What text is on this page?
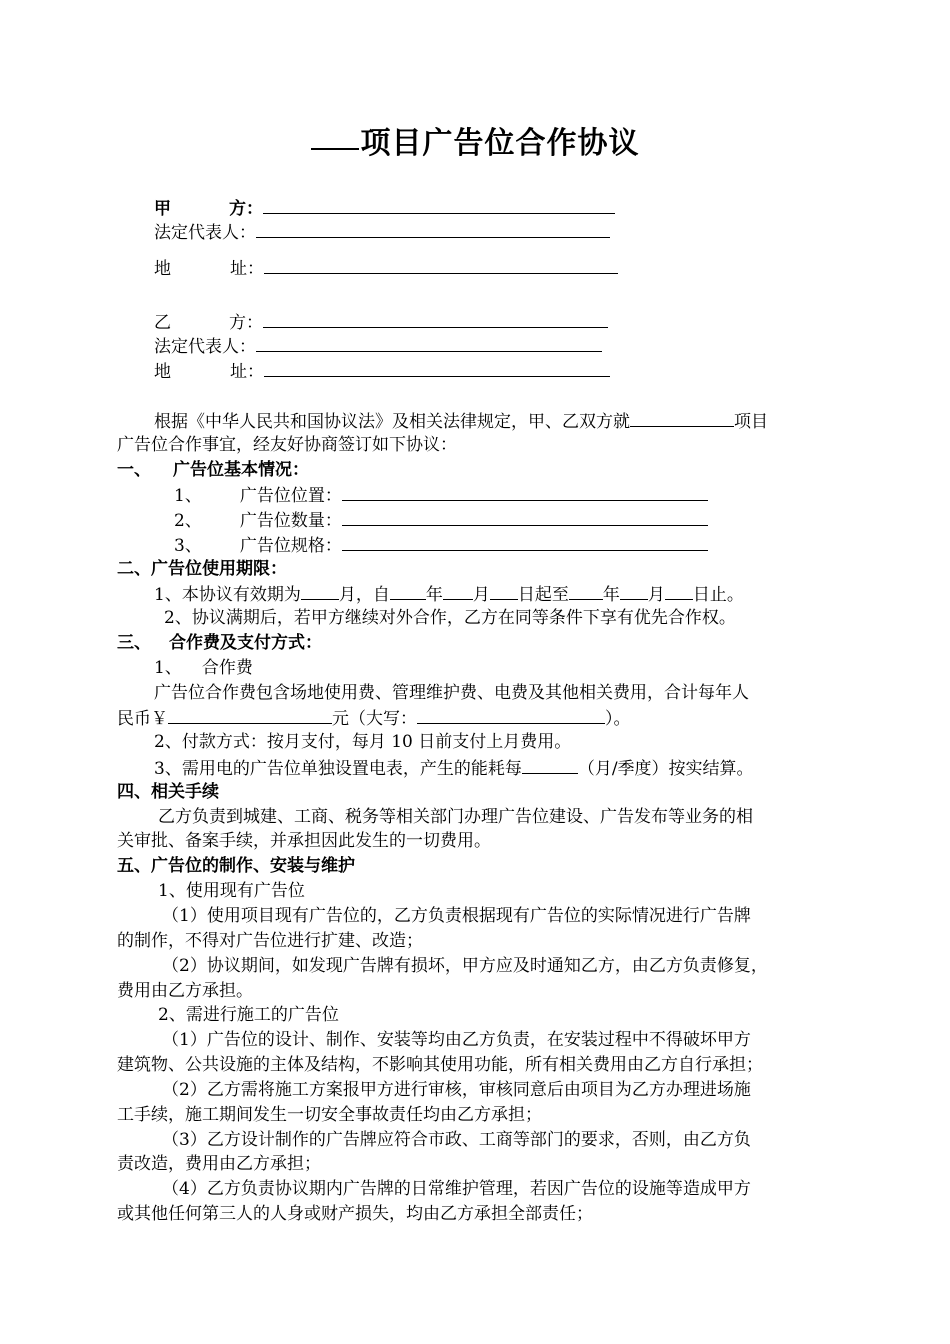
项目广告位合作协议
甲	方：
法定代表人：
地	址：
乙	方：
法定代表人：
地	址：
根据《中华人民共和国协议法》及相关法律规定，甲、乙双方就	项目
广告位合作事宜，经友好协商签订如下协议：
一、 广告位基本情况：
1、 广告位位置：
2、 广告位数量：
3、 广告位规格：
二、广告位使用期限：
1、本协议有效期为 月，自 年 月 日起至 年 月 日止。
2、协议满期后，若甲方继续对外合作，乙方在同等条件下享有优先合作权。
三、 合作费及支付方式：
1、 合作费
广告位合作费包含场地使用费、管理维护费、电费及其他相关费用，合计每年人
民币￥	元（大写：	）。
2、付款方式：按月支付，每月 10 日前支付上月费用。
3、需用电的广告位单独设置电表，产生的能耗每	（月/季度）按实结算。
四、相关手续
乙方负责到城建、工商、税务等相关部门办理广告位建设、广告发布等业务的相
关审批、备案手续，并承担因此发生的一切费用。
五、广告位的制作、安装与维护
1、使用现有广告位
（1）使用项目现有广告位的，乙方负责根据现有广告位的实际情况进行广告牌
的制作，不得对广告位进行扩建、改造；
（2）协议期间，如发现广告牌有损坏，甲方应及时通知乙方，由乙方负责修复，
费用由乙方承担。
2、需进行施工的广告位
（1）广告位的设计、制作、安装等均由乙方负责，在安装过程中不得破坏甲方
建筑物、公共设施的主体及结构，不影响其使用功能，所有相关费用由乙方自行承担；
（2）乙方需将施工方案报甲方进行审核，审核同意后由项目为乙方办理进场施
工手续，施工期间发生一切安全事故责任均由乙方承担；
（3）乙方设计制作的广告牌应符合市政、工商等部门的要求，否则，由乙方负
责改造，费用由乙方承担；
（4）乙方负责协议期内广告牌的日常维护管理，若因广告位的设施等造成甲方
或其他任何第三人的人身或财产损失，均由乙方承担全部责任；
